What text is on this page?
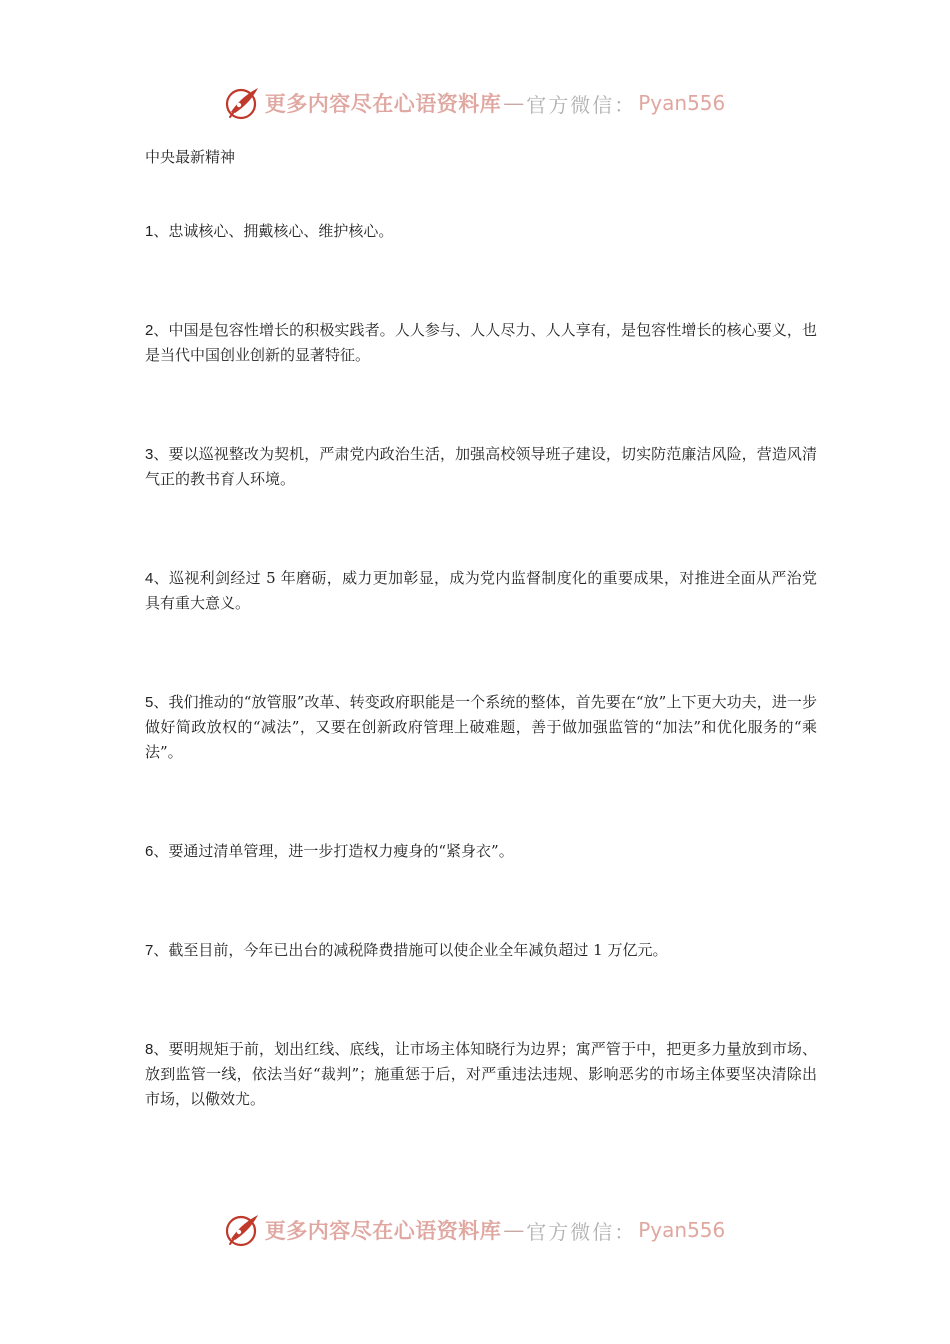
更多内容尽在心语资料库 — 官方微信： Pyan556

中央最新精神

1、忠诚核心、拥戴核心、维护核心。

2、中国是包容性增长的积极实践者。人人参与、人人尽力、人人享有，是包容性增长的核心要义，也是当代中国创业创新的显著特征。

3、要以巡视整改为契机，严肃党内政治生活，加强高校领导班子建设，切实防范廉洁风险，营造风清气正的教书育人环境。

4、巡视利剑经过 5 年磨砺，威力更加彰显，成为党内监督制度化的重要成果，对推进全面从严治党具有重大意义。

5、我们推动的“放管服”改革、转变政府职能是一个系统的整体，首先要在“放”上下更大功夫，进一步做好简政放权的“减法”，又要在创新政府管理上破难题，善于做加强监管的“加法”和优化服务的“乘法”。

6、要通过清单管理，进一步打造权力瘦身的“紧身衣”。

7、截至目前，今年已出台的减税降费措施可以使企业全年减负超过 1 万亿元。

8、要明规矩于前，划出红线、底线，让市场主体知晓行为边界；寓严管于中，把更多力量放到市场、放到监管一线，依法当好“裁判”；施重惩于后，对严重违法违规、影响恶劣的市场主体要坚决清除出市场，以儆效尤。

更多内容尽在心语资料库 — 官方微信： Pyan556
